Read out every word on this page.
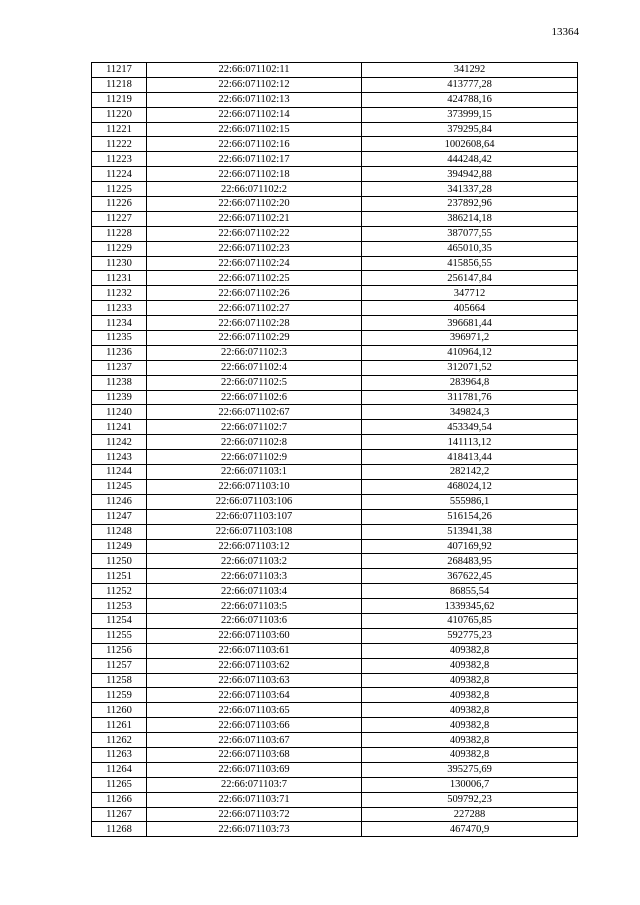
13364
11217	22:66:071102:11	341292
11218	22:66:071102:12	413777,28
11219	22:66:071102:13	424788,16
11220	22:66:071102:14	373999,15
11221	22:66:071102:15	379295,84
11222	22:66:071102:16	1002608,64
11223	22:66:071102:17	444248,42
11224	22:66:071102:18	394942,88
11225	22:66:071102:2	341337,28
11226	22:66:071102:20	237892,96
11227	22:66:071102:21	386214,18
11228	22:66:071102:22	387077,55
11229	22:66:071102:23	465010,35
11230	22:66:071102:24	415856,55
11231	22:66:071102:25	256147,84
11232	22:66:071102:26	347712
11233	22:66:071102:27	405664
11234	22:66:071102:28	396681,44
11235	22:66:071102:29	396971,2
11236	22:66:071102:3	410964,12
11237	22:66:071102:4	312071,52
11238	22:66:071102:5	283964,8
11239	22:66:071102:6	311781,76
11240	22:66:071102:67	349824,3
11241	22:66:071102:7	453349,54
11242	22:66:071102:8	141113,12
11243	22:66:071102:9	418413,44
11244	22:66:071103:1	282142,2
11245	22:66:071103:10	468024,12
11246	22:66:071103:106	555986,1
11247	22:66:071103:107	516154,26
11248	22:66:071103:108	513941,38
11249	22:66:071103:12	407169,92
11250	22:66:071103:2	268483,95
11251	22:66:071103:3	367622,45
11252	22:66:071103:4	86855,54
11253	22:66:071103:5	1339345,62
11254	22:66:071103:6	410765,85
11255	22:66:071103:60	592775,23
11256	22:66:071103:61	409382,8
11257	22:66:071103:62	409382,8
11258	22:66:071103:63	409382,8
11259	22:66:071103:64	409382,8
11260	22:66:071103:65	409382,8
11261	22:66:071103:66	409382,8
11262	22:66:071103:67	409382,8
11263	22:66:071103:68	409382,8
11264	22:66:071103:69	395275,69
11265	22:66:071103:7	130006,7
11266	22:66:071103:71	509792,23
11267	22:66:071103:72	227288
11268	22:66:071103:73	467470,9
